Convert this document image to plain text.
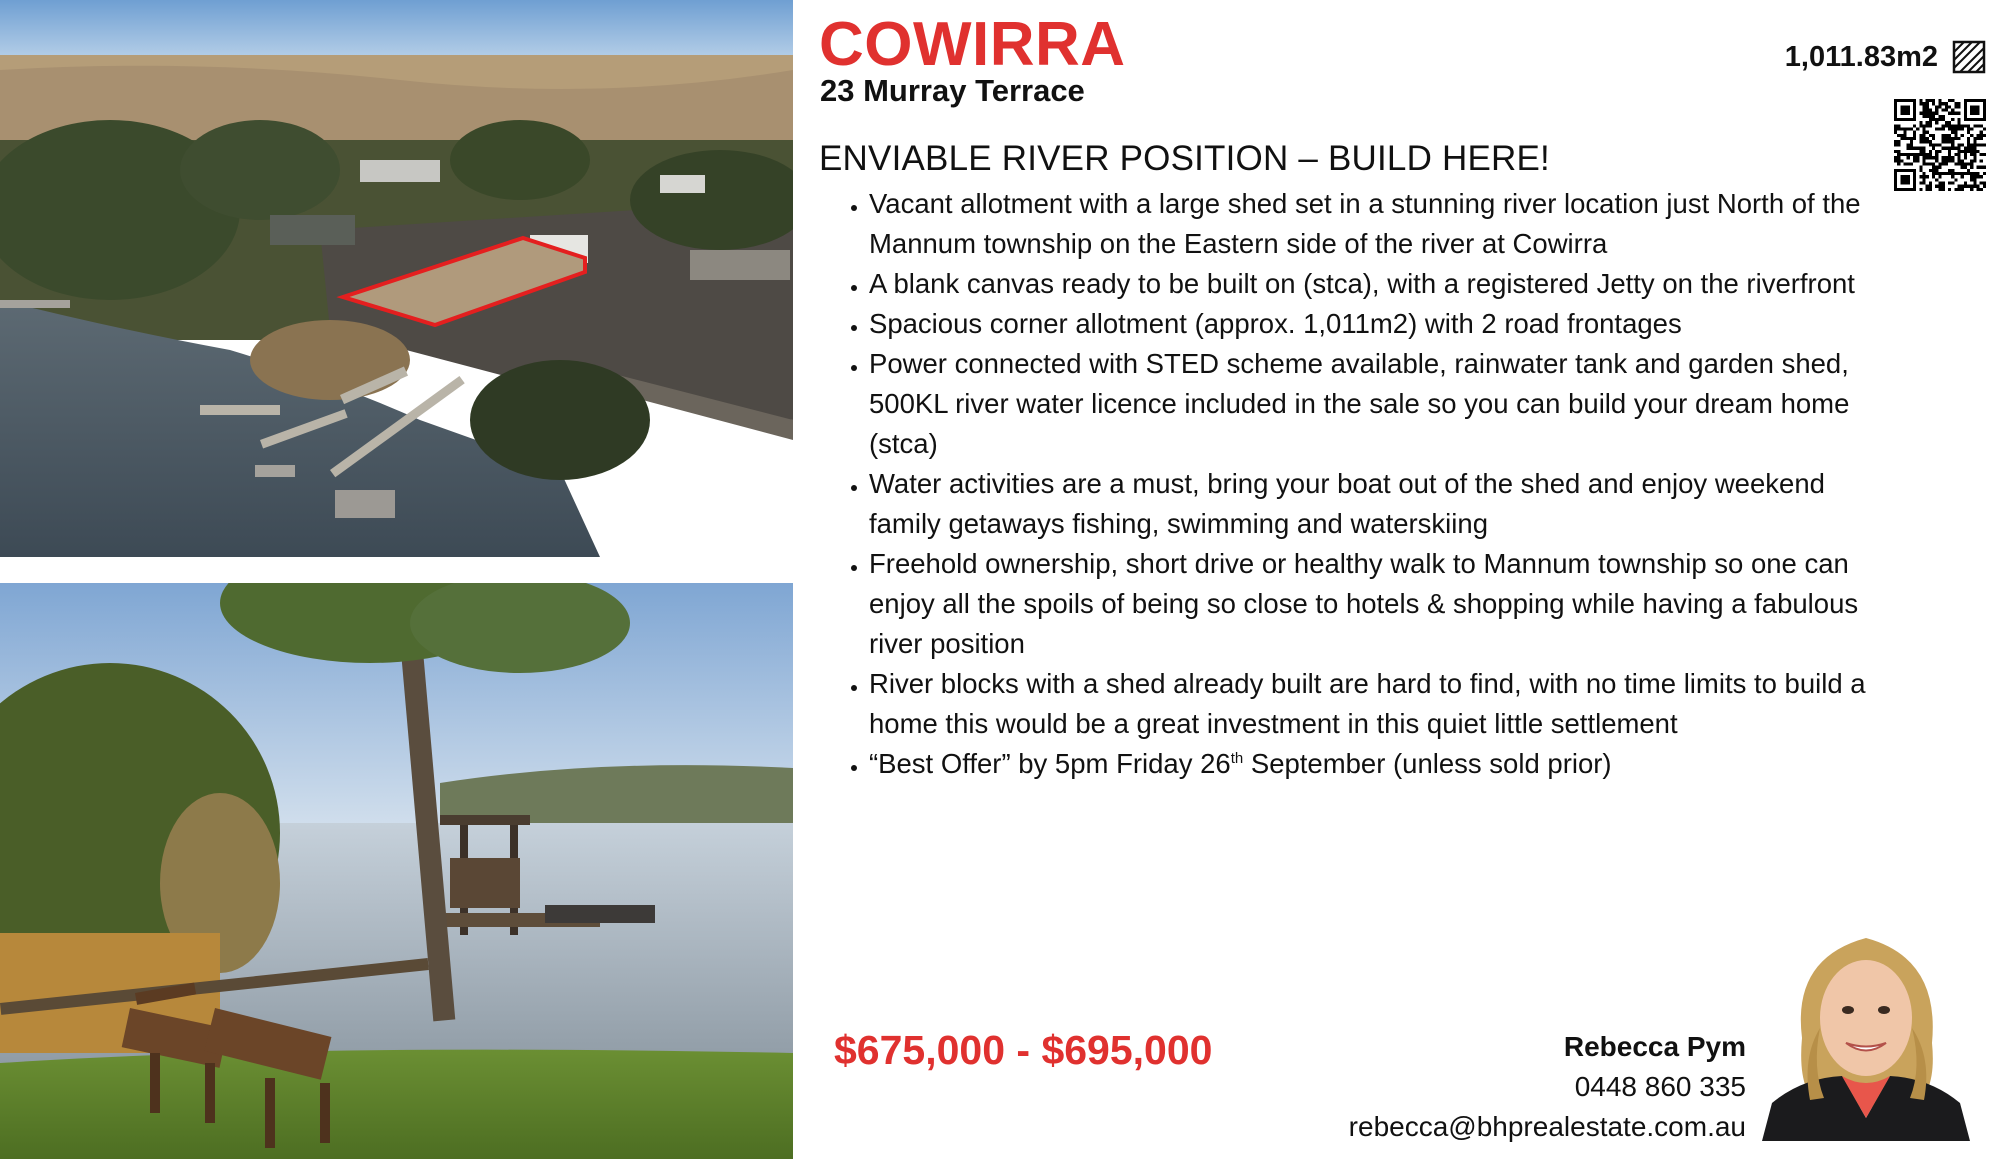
COWIRRA
23 Murray Terrace
1,011.83m2
ENVIABLE RIVER POSITION – BUILD HERE!
• Vacant allotment with a large shed set in a stunning river location just North of the Mannum township on the Eastern side of the river at Cowirra
• A blank canvas ready to be built on (stca), with a registered Jetty on the riverfront
• Spacious corner allotment (approx. 1,011m2) with 2 road frontages
• Power connected with STED scheme available, rainwater tank and garden shed, 500KL river water licence included in the sale so you can build your dream home (stca)
• Water activities are a must, bring your boat out of the shed and enjoy weekend family getaways fishing, swimming and waterskiing
• Freehold ownership, short drive or healthy walk to Mannum township so one can enjoy all the spoils of being so close to hotels & shopping while having a fabulous river position
• River blocks with a shed already built are hard to find, with no time limits to build a home this would be a great investment in this quiet little settlement
• “Best Offer” by 5pm Friday 26th September (unless sold prior)
$675,000 - $695,000	Rebecca Pym
0448 860 335
rebecca@bhprealestate.com.au
